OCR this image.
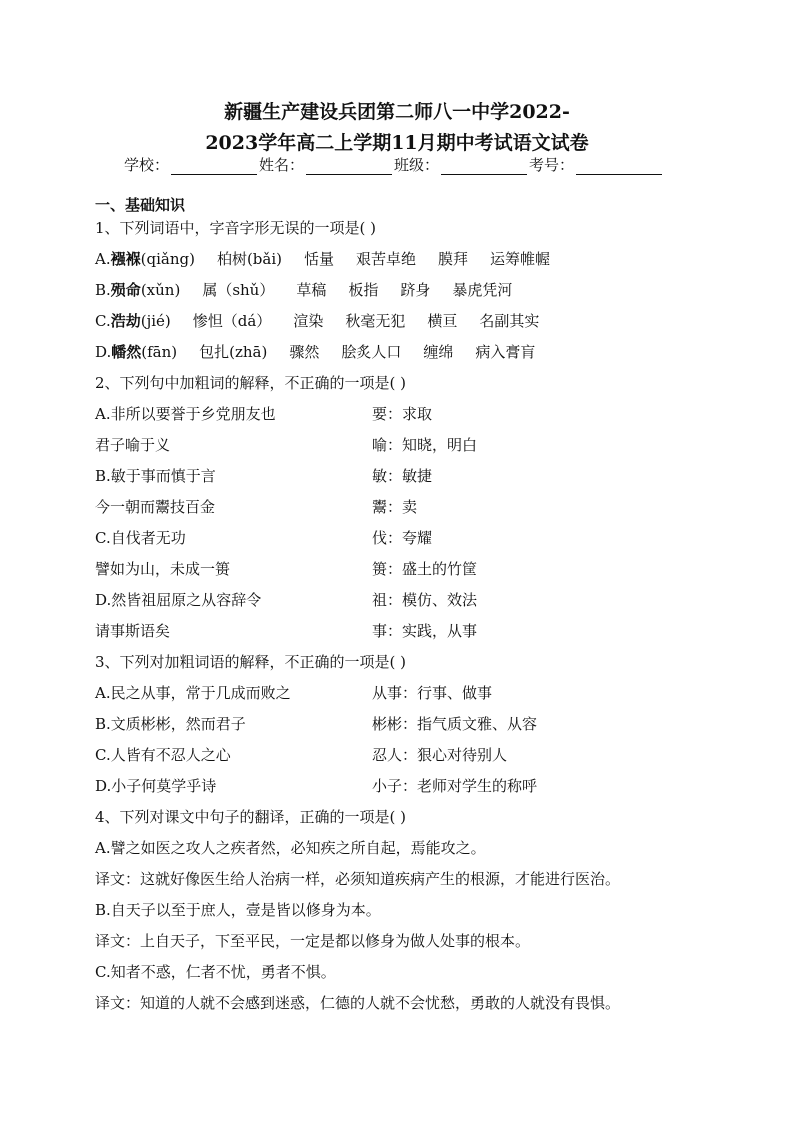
新疆生产建设兵团第二师八一中学2022-
2023学年高二上学期11月期中考试语文试卷
学校：	姓名：	班级：	考号：
一、基础知识
1、下列词语中，字音字形无误的一项是( )
A.襁褓(qiǎng) 柏树(bǎi) 恬量 艰苦卓绝 膜拜 运筹帷幄
B.殒命(xǔn) 属（shǔ） 草稿 板指 跻身 暴虎凭河
C.浩劫(jié) 惨怛（dá） 渲染 秋毫无犯 横亘 名副其实
D.幡然(fān) 包扎(zhā) 骤然 脍炙人口 缠绵 病入膏肓
2、下列句中加粗词的解释，不正确的一项是( )
A.非所以要誉于乡党朋友也	要：求取
君子喻于义	喻：知晓，明白
B.敏于事而慎于言	敏：敏捷
今一朝而鬻技百金	鬻：卖
C.自伐者无功	伐：夸耀
譬如为山，未成一篑	篑：盛土的竹筐
D.然皆祖屈原之从容辞令	祖：模仿、效法
请事斯语矣	事：实践，从事
3、下列对加粗词语的解释，不正确的一项是( )
A.民之从事，常于几成而败之	从事：行事、做事
B.文质彬彬，然而君子	彬彬：指气质文雅、从容
C.人皆有不忍人之心	忍人：狠心对待别人
D.小子何莫学乎诗	小子：老师对学生的称呼
4、下列对课文中句子的翻译，正确的一项是( )
A.譬之如医之攻人之疾者然，必知疾之所自起，焉能攻之。
译文：这就好像医生给人治病一样，必须知道疾病产生的根源，才能进行医治。
B.自天子以至于庶人，壹是皆以修身为本。
译文：上自天子，下至平民，一定是都以修身为做人处事的根本。
C.知者不惑，仁者不忧，勇者不惧。
译文：知道的人就不会感到迷惑，仁德的人就不会忧愁，勇敢的人就没有畏惧。
